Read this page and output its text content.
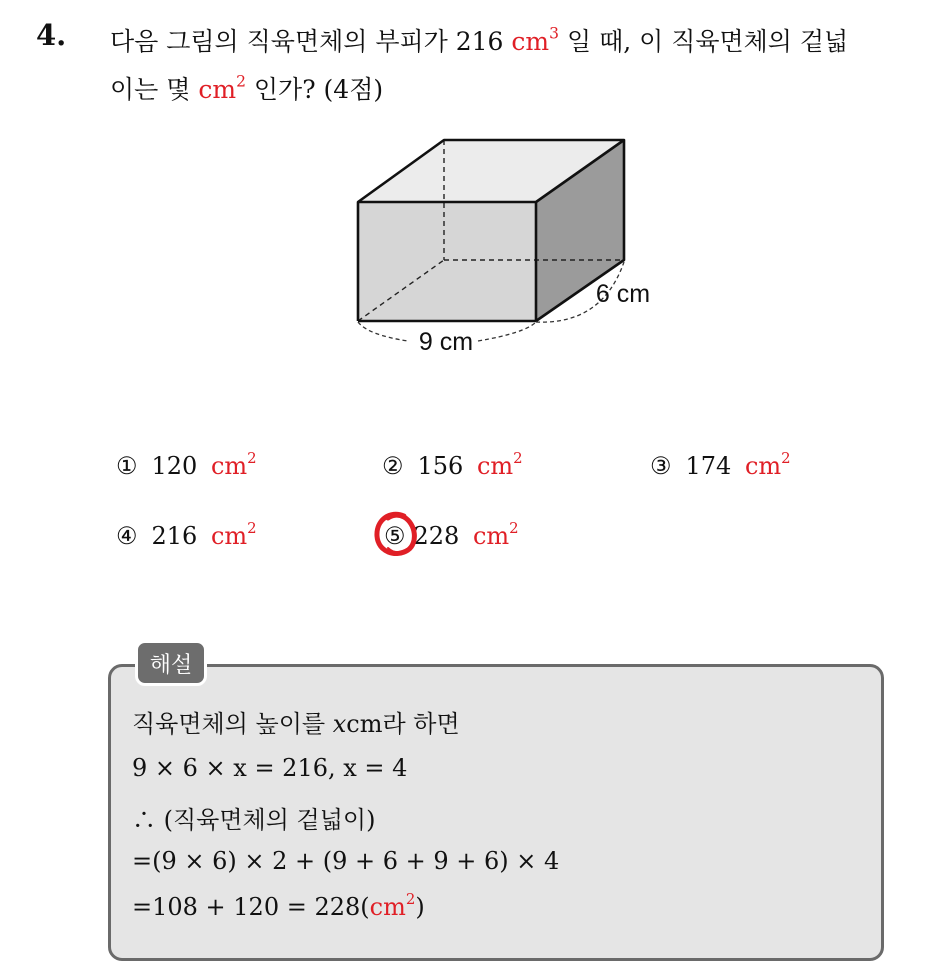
4. 다음 그림의 직육면체의 부피가 216 $cm^3$ 일 때, 이 직육면체의 겉넓
이는 몇 $cm^2$ 인가? (4점)
9 cm
6 cm
① 120 $cm^2$	② 156 $cm^2$	③ 174 $cm^2$
④ 216 $cm^2$	⑤ 228 $cm^2$
해설
직육면체의 높이를 xcm라 하면
9 × 6 × x = 216, x = 4
∴ (직육면체의 겉넓이)
=(9 × 6) × 2 + (9 + 6 + 9 + 6) × 4
$=108 + 120 = 228(cm^2)$
